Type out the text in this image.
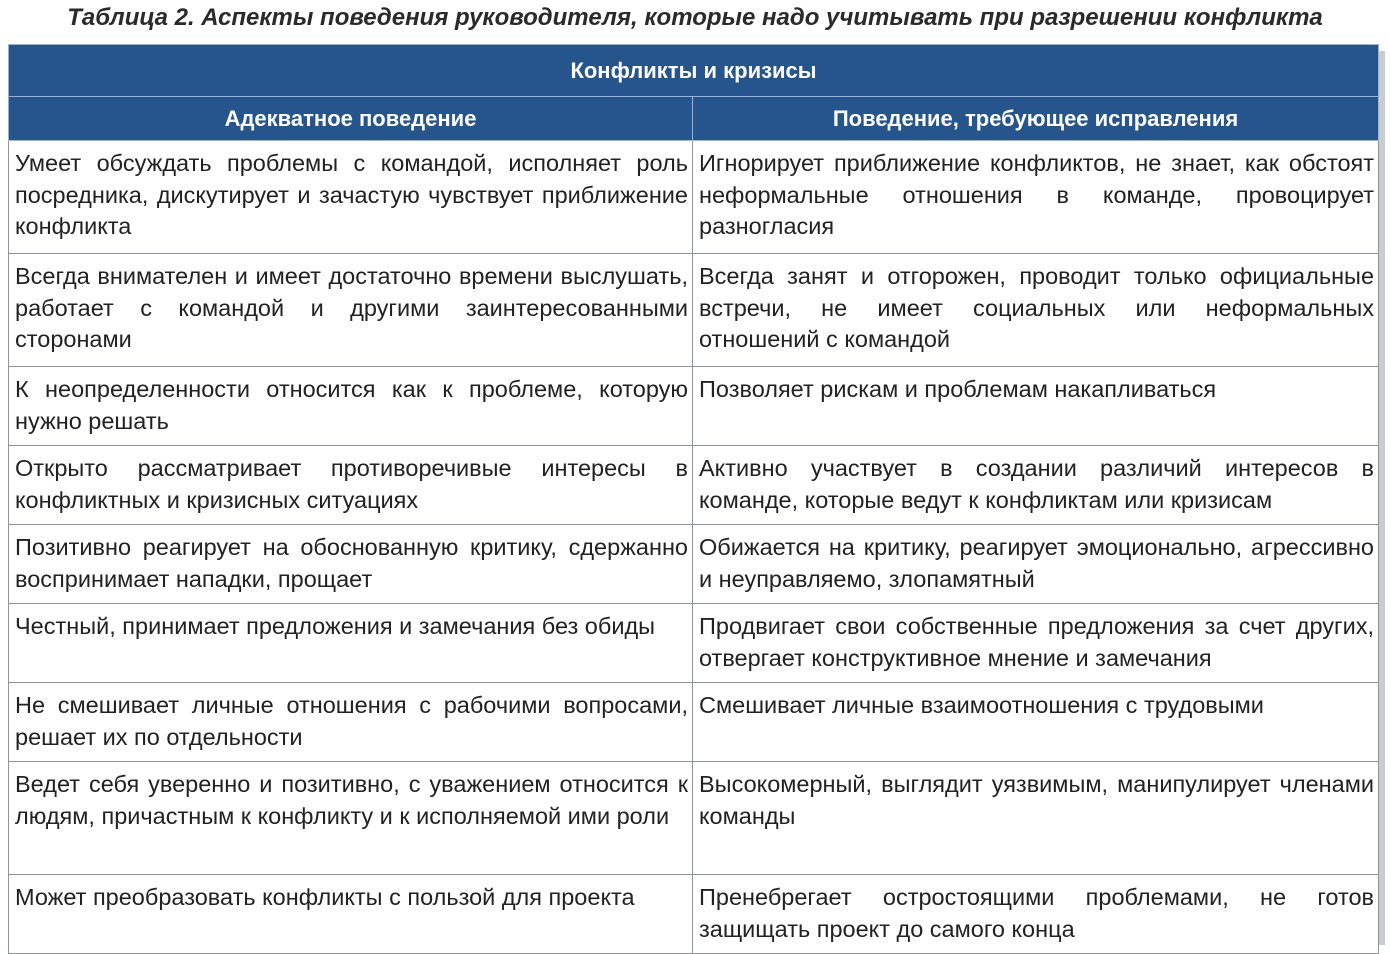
Таблица 2. Аспекты поведения руководителя, которые надо учитывать при разрешении конфликта
Конфликты и кризисы	
Адекватное поведение	Поведение, требующее исправления
Умеет обсуждать проблемы с командой, исполняет роль посредника, дискутирует и зачастую чувствует приближение конфликта	Игнорирует приближение конфликтов, не знает, как обстоят неформальные отношения в команде, провоцирует разногласия
Всегда внимателен и имеет достаточно времени выслушать, работает с командой и другими заинтересованными сторонами	Всегда занят и отгорожен, проводит только официальные встречи, не имеет социальных или неформальных отношений с командой
К неопределенности относится как к проблеме, которую нужно решать	Позволяет рискам и проблемам накапливаться
Открыто рассматривает противоречивые интересы в конфликтных и кризисных ситуациях	Активно участвует в создании различий интересов в команде, которые ведут к конфликтам или кризисам
Позитивно реагирует на обоснованную критику, сдержанно воспринимает нападки, прощает	Обижается на критику, реагирует эмоционально, агрессивно и неуправляемо, злопамятный
Честный, принимает предложения и замечания без обиды	Продвигает свои собственные предложения за счет других, отвергает конструктивное мнение и замечания
Не смешивает личные отношения с рабочими вопросами, решает их по отдельности	Смешивает личные взаимоотношения с трудовыми
Ведет себя уверенно и позитивно, с уважением относится к людям, причастным к конфликту и к исполняемой ими роли	Высокомерный, выглядит уязвимым, манипулирует членами команды
Может преобразовать конфликты с пользой для проекта	Пренебрегает остростоящими проблемами, не готов защищать проект до самого конца
